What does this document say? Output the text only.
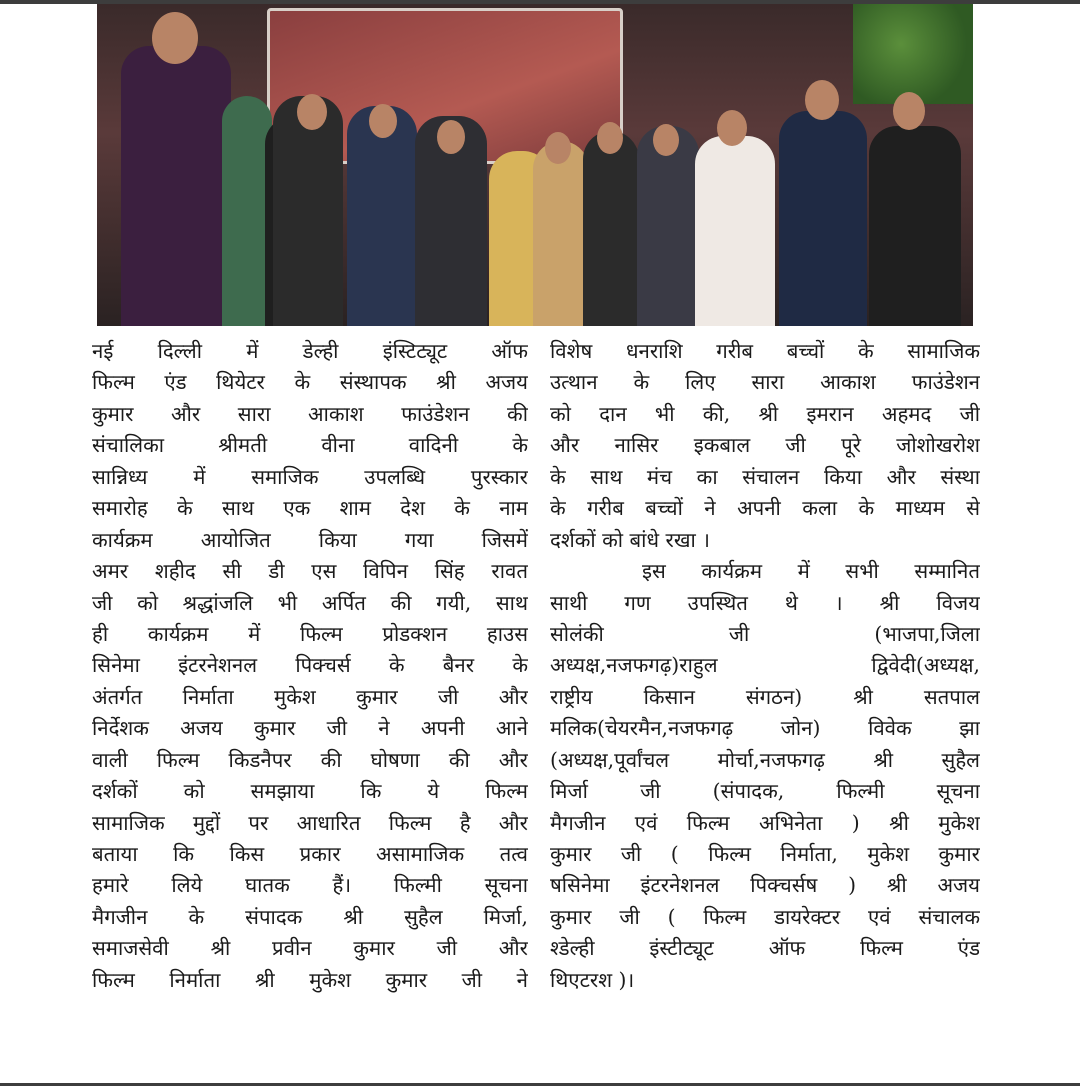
नई दिल्ली में डेल्ही इंस्टिट्यूट ऑफ
फिल्म एंड थियेटर के संस्थापक श्री अजय
कुमार और सारा आकाश फाउंडेशन की
संचालिका श्रीमती वीना वादिनी के
सान्निध्य में समाजिक उपलब्धि पुरस्कार
समारोह के साथ एक शाम देश के नाम
कार्यक्रम आयोजित किया गया जिसमें
अमर शहीद सी डी एस विपिन सिंह रावत
जी को श्रद्धांजलि भी अर्पित की गयी, साथ
ही कार्यक्रम में फिल्म प्रोडक्शन हाउस
सिनेमा इंटरनेशनल पिक्चर्स के बैनर के
अंतर्गत निर्माता मुकेश कुमार जी और
निर्देशक अजय कुमार जी ने अपनी आने
वाली फिल्म किडनैपर की घोषणा की और
दर्शकों को समझाया कि ये फिल्म
सामाजिक मुद्दों पर आधारित फिल्म है और
बताया कि किस प्रकार असामाजिक तत्व
हमारे लिये घातक हैं। फिल्मी सूचना
मैगजीन के संपादक श्री सुहैल मिर्जा,
समाजसेवी श्री प्रवीन कुमार जी और
फिल्म निर्माता श्री मुकेश कुमार जी ने
विशेष धनराशि गरीब बच्चों के सामाजिक
उत्थान के लिए सारा आकाश फाउंडेशन
को दान भी की, श्री इमरान अहमद जी
और नासिर इकबाल जी पूरे जोशोखरोश
के साथ मंच का संचालन किया और संस्था
के गरीब बच्चों ने अपनी कला के माध्यम से
दर्शकों को बांधे रखा ।
इस कार्यक्रम में सभी सम्मानित
साथी गण उपस्थित थे । श्री विजय
सोलंकी जी (भाजपा,जिला
अध्यक्ष,नजफगढ़)राहुल द्विवेदी(अध्यक्ष,
राष्ट्रीय किसान संगठन) श्री सतपाल
मलिक(चेयरमैन,नजफगढ़ जोन) विवेक झा
(अध्यक्ष,पूर्वांचल मोर्चा,नजफगढ़ श्री सुहैल
मिर्जा जी (संपादक, फिल्मी सूचना
मैगजीन एवं फिल्म अभिनेता ) श्री मुकेश
कुमार जी ( फिल्म निर्माता, मुकेश कुमार
षसिनेमा इंटरनेशनल पिक्चर्सष ) श्री अजय
कुमार जी ( फिल्म डायरेक्टर एवं संचालक
श्डेल्ही इंस्टीट्यूट ऑफ फिल्म एंड
थिएटरश )।
